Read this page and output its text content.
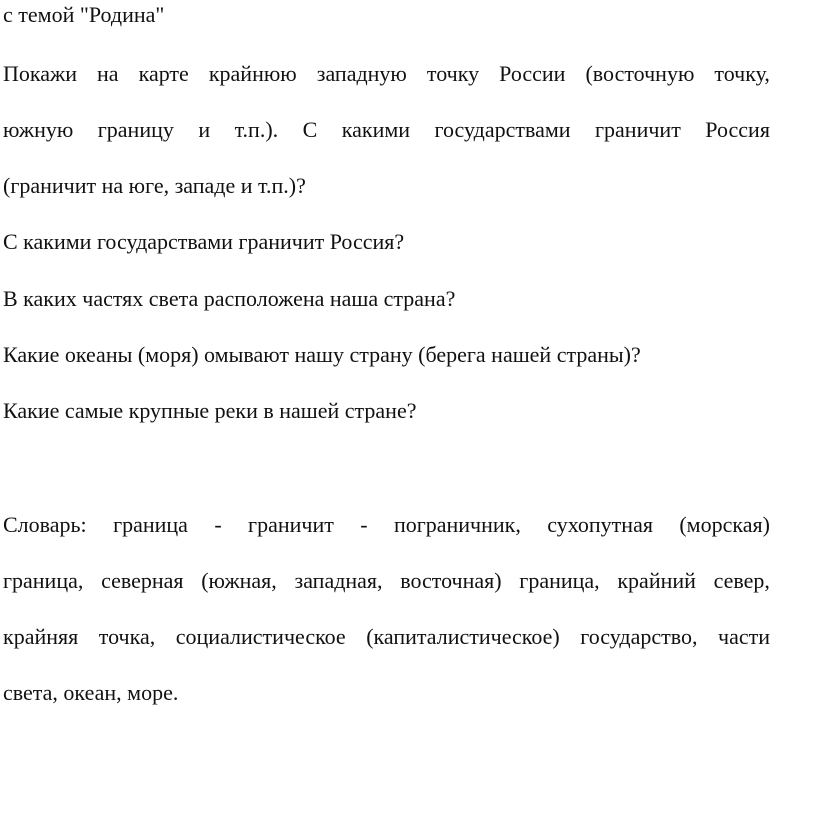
с темой "Родина"
Покажи на карте крайнюю западную точку России (восточную точку,
южную границу и т.п.). С какими государствами граничит Россия
(граничит на юге, западе и т.п.)?
С какими государствами граничит Россия?
В каких частях света расположена наша страна?
Какие океаны (моря) омывают нашу страну (берега нашей страны)?
Какие самые крупные реки в нашей стране?
Словарь: граница - граничит - пограничник, сухопутная (морская)
граница, северная (южная, западная, восточная) граница, крайний север,
крайняя точка, социалистическое (капиталистическое) государство, части
света, океан, море.
